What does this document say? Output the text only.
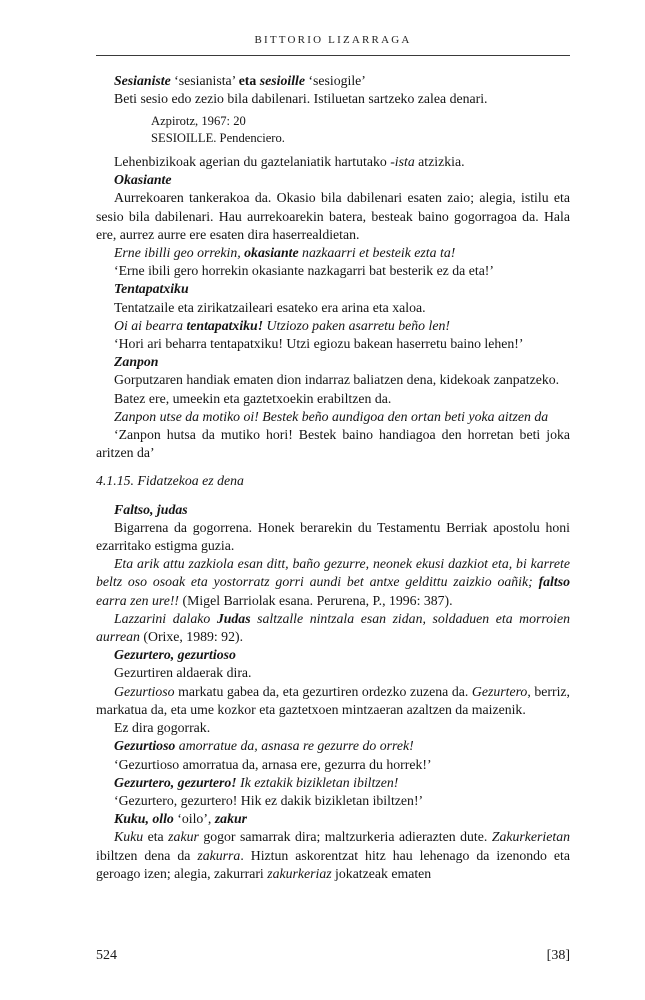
BITTORIO LIZARRAGA

Sesianiste ‘sesianista’ eta sesioille ‘sesiogile’

Beti sesio edo zezio bila dabilenari. Istiluetan sartzeko zalea denari.

Azpirotz, 1967: 20
SESIOILLE. Pendenciero.

Lehenbizikoak agerian du gaztelaniatik hartutako -ista atzizkia.

Okasiante

Aurrekoaren tankerakoa da. Okasio bila dabilenari esaten zaio; alegia, istilu eta sesio bila dabilenari. Hau aurrekoarekin batera, besteak baino gogorragoa da. Hala ere, aurrez aurre ere esaten dira haserrealdietan.

Erne ibilli geo orrekin, okasiante nazkaarri et besteik ezta ta!

‘Erne ibili gero horrekin okasiante nazkagarri bat besterik ez da eta!’

Tentapatxiku

Tentatzaile eta zirikatzaileari esateko era arina eta xaloa.

Oi ai bearra tentapatxiku! Utziozo paken asarretu beño len!

‘Hori ari beharra tentapatxiku! Utzi egiozu bakean haserretu baino lehen!’

Zanpon

Gorputzaren handiak ematen dion indarraz baliatzen dena, kidekoak zanpatzeko.

Batez ere, umeekin eta gaztetxoekin erabiltzen da.

Zanpon utse da motiko oi! Bestek beño aundigoa den ortan beti yoka aitzen da

‘Zanpon hutsa da mutiko hori! Bestek baino handiagoa den horretan beti joka aritzen da’

4.1.15. Fidatzekoa ez dena

Faltso, judas

Bigarrena da gogorrena. Honek berarekin du Testamentu Berriak apostolu honi ezarritako estigma guzia.

Eta arik attu zazkiola esan ditt, baño gezurre, neonek ekusi dazkiot eta, bi karrete beltz oso osoak eta yostorratz gorri aundi bet antxe geldittu zaizkio oañik; faltso earra zen ure!! (Migel Barriolak esana. Perurena, P., 1996: 387).

Lazzarini dalako Judas saltzalle nintzala esan zidan, soldaduen eta morroien aurrean (Orixe, 1989: 92).

Gezurtero, gezurtioso

Gezurtiren aldaerak dira.

Gezurtioso markatu gabea da, eta gezurtiren ordezko zuzena da. Gezurtero, berriz, markatua da, eta ume kozkor eta gaztetxoen mintzaeran azaltzen da maizenik.

Ez dira gogorrak.

Gezurtioso amorratue da, asnasa re gezurre do orrek!

‘Gezurtioso amorratua da, arnasa ere, gezurra du horrek!’

Gezurtero, gezurtero! Ik eztakik bizikletan ibiltzen!

‘Gezurtero, gezurtero! Hik ez dakik bizikletan ibiltzen!’

Kuku, ollo ‘oilo’, zakur

Kuku eta zakur gogor samarrak dira; maltzurkeria adierazten dute. Zakurkerietan ibiltzen dena da zakurra. Hiztun askorentzat hitz hau lehenago da izenondo eta geroago izen; alegia, zakurrari zakurkeriaz jokatzeak ematen

524	[38]
